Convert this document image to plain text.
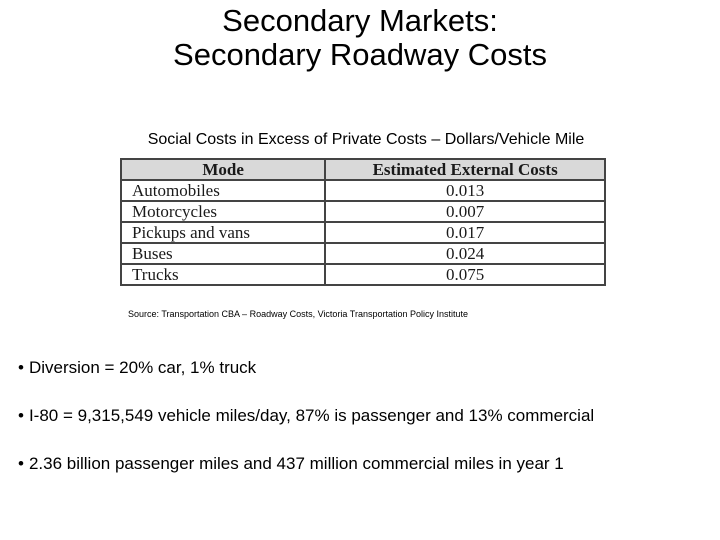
Secondary Markets:
Secondary Roadway Costs
Social Costs in Excess of Private Costs – Dollars/Vehicle Mile
Mode	Estimated External Costs
Automobiles	0.013
Motorcycles	0.007
Pickups and vans	0.017
Buses	0.024
Trucks	0.075
Source: Transportation CBA – Roadway Costs, Victoria Transportation Policy Institute
• Diversion = 20% car, 1% truck
• I-80 = 9,315,549 vehicle miles/day, 87% is passenger and 13% commercial
• 2.36 billion passenger miles and 437 million commercial miles in year 1
